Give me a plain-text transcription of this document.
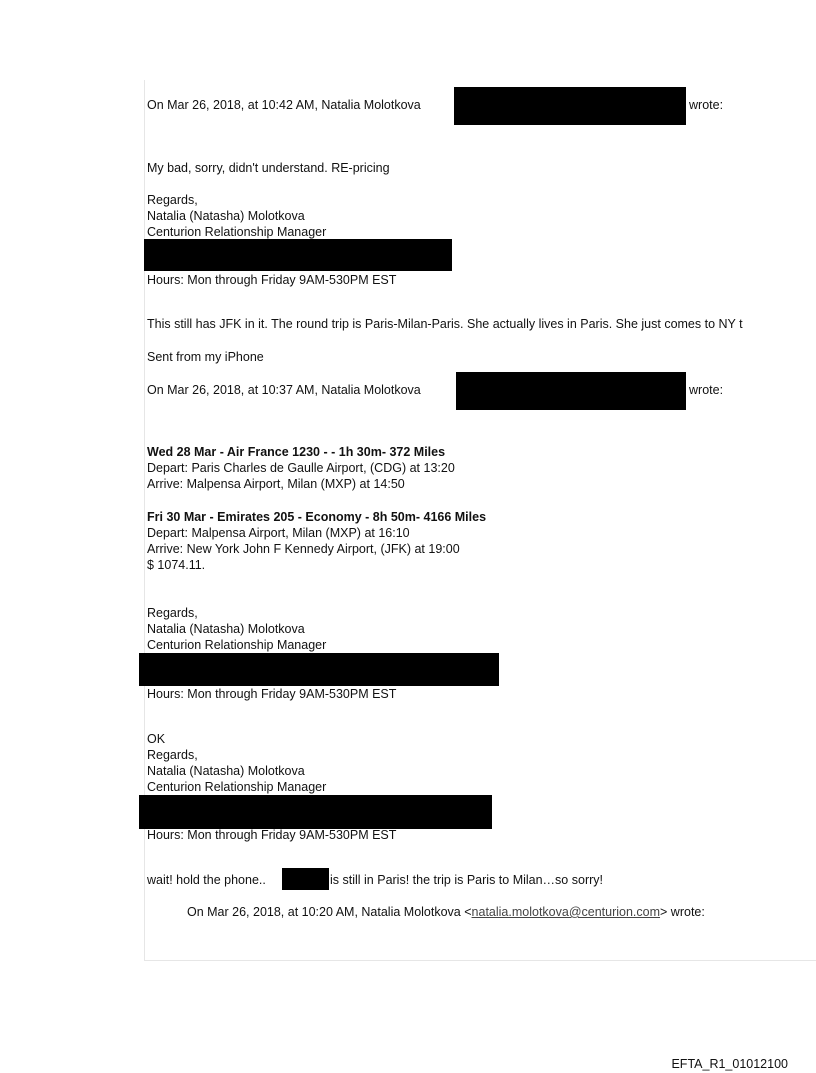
On Mar 26, 2018, at 10:42 AM, Natalia Molotkova	wrote:
My bad, sorry, didn't understand. RE-pricing
Regards,
Natalia (Natasha) Molotkova
Centurion Relationship Manager
Hours: Mon through Friday 9AM-530PM EST
This still has JFK in it. The round trip is Paris-Milan-Paris. She actually lives in Paris. She just comes to NY t
Sent from my iPhone
On Mar 26, 2018, at 10:37 AM, Natalia Molotkova	wrote:
Wed 28 Mar - Air France 1230 - - 1h 30m- 372 Miles
Depart: Paris Charles de Gaulle Airport, (CDG) at 13:20
Arrive: Malpensa Airport, Milan (MXP) at 14:50
Fri 30 Mar - Emirates 205 - Economy - 8h 50m- 4166 Miles
Depart: Malpensa Airport, Milan (MXP) at 16:10
Arrive: New York John F Kennedy Airport, (JFK) at 19:00
$ 1074.11.
Regards,
Natalia (Natasha) Molotkova
Centurion Relationship Manager
Hours: Mon through Friday 9AM-530PM EST
OK
Regards,
Natalia (Natasha) Molotkova
Centurion Relationship Manager
Hours: Mon through Friday 9AM-530PM EST
wait! hold the phone..	is still in Paris! the trip is Paris to Milan…so sorry!
On Mar 26, 2018, at 10:20 AM, Natalia Molotkova <natalia.molotkova@centurion.com> wrote:
EFTA_R1_01012100
